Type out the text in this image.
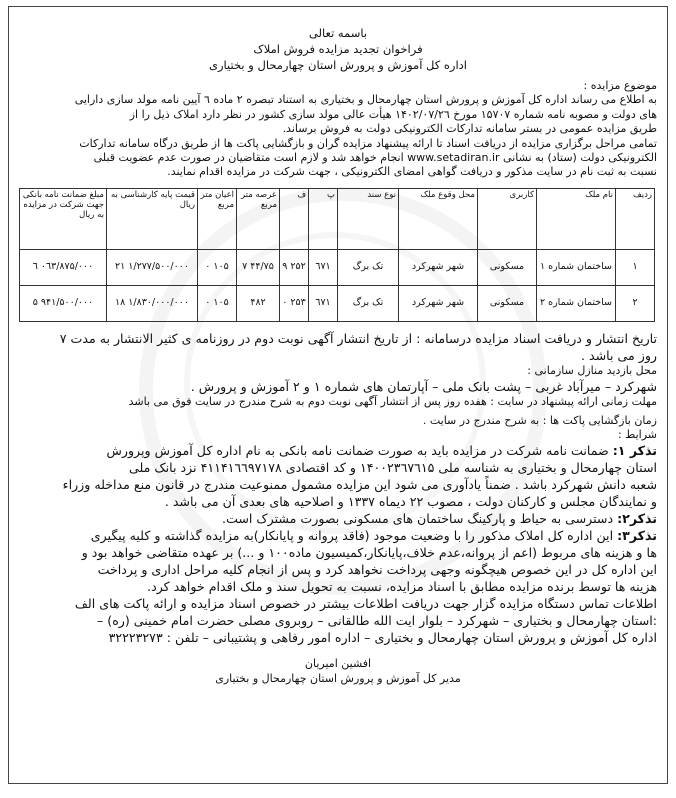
باسمه تعالی
فراخوان تجدید مزایده فروش املاک
اداره کل آموزش و پرورش استان چهارمحال و بختیاری
موضوع مزایده :
به اطلاع می رساند اداره کل آموزش و پرورش استان چهارمحال و بختیاری به استناد تبصره ۲ ماده ٦ آیین نامه مولد سازی دارایی
های دولت و مصوبه نامه شماره ۱۵۷۰۷ مورخ ۱۴۰۲/۰۷/۲٦ هیأت عالی مولد سازی کشور در نظر دارد املاک ذیل را از
طریق مزایده عمومی در بستر سامانه تدارکات الکترونیکی دولت به فروش برساند.
تمامی مراحل برگزاری مزایده از دریافت اسناد تا ارائه پیشنهاد مزایده گران و بازگشایی پاکت ها از طریق درگاه سامانه تدارکات
الکترونیکی دولت (ستاد) به نشانی www.setadiran.ir انجام خواهد شد و لازم است متقاضیان در صورت عدم عضویت قبلی
نسبت به ثبت نام در سایت مذکور و دریافت گواهی امضای الکترونیکی ، جهت شرکت در مزایده اقدام نمایند.
ردیف	نام ملک	کاربری	محل وقوع ملک	نوع سند	پ	ف	عرصه متر مربع	اعیان متر مربع	قیمت پایه کارشناسی به ریال	مبلغ ضمانت نامه بانکی جهت شرکت در مزایده به ریال
۱	ساختمان شماره ۱	مسکونی	شهر شهرکرد	تک برگ	٦٧١	۲۵۲ ۹	۴۴/۷۵ ۷	۱۰۵ ۰	۱/۲۷۷/۵۰۰/۰۰۰ ۲۱	۰٦۳/۸۷۵/۰۰۰ ٦
۲	ساختمان شماره ۲	مسکونی	شهر شهرکرد	تک برگ	٦٧١	۲۵۳ ۰	۴۸۲	۱۰۵ ۰	۱/۸۳۰/۰۰۰/۰۰۰ ۱۸	۹۴۱/۵۰۰/۰۰۰ ۵
تاریخ انتشار و دریافت اسناد مزایده درسامانه : از تاریخ انتشار آگهی نوبت دوم در روزنامه ی کثیر الانتشار به مدت ۷
روز می باشد .
محل بازدید منازل سازمانی :
شهرکرد – میرآباد غربی – پشت بانک ملی – آپارتمان های شماره ۱ و ۲ آموزش و پرورش .
مهلت زمانی ارائه پیشنهاد در سایت : هفده روز پس از انتشار آگهی نوبت دوم به شرح مندرج در سایت فوق می باشد
زمان بازگشایی پاکت ها : به شرح مندرج در سایت .
شرایط :
تذکر ۱: ضمانت نامه شرکت در مزایده باید به صورت ضمانت نامه بانکی به نام اداره کل آموزش وپرورش
استان چهارمحال و بختیاری به شناسه ملی ۱۴۰۰۲۳٦٧٦۱۵ و کد اقتصادی ۴۱۱۴۱٦٦۹٧١٧٨ نزد بانک ملی
شعبه دانش شهرکرد باشد . ضمناً یادآوری می شود این مزایده مشمول ممنوعیت مندرج در قانون منع مداخله وزراء
و نمایندگان مجلس و کارکنان دولت ، مصوب ۲۲ دیماه ۱۳۳۷ و اصلاحیه های بعدی آن می باشد .
تذکر۲: دسترسی به حیاط و پارکینگ ساختمان های مسکونی بصورت مشترک است.
تذکر۳: این اداره کل املاک مذکور را با وضعیت موجود (فاقد پروانه و پایانکار)به مزایده گذاشته و کلیه پیگیری
ها و هزینه های مربوط (اعم از پروانه،عدم خلاف،پایانکار،کمیسیون ماده۱۰۰ و ...) بر عهده متقاضی خواهد بود و
این اداره کل در این خصوص هیچگونه وجهی پرداخت نخواهد کرد و پس از انجام کلیه مراحل اداری و پرداخت
هزینه ها توسط برنده مزایده مطابق با اسناد مزایده، نسبت به تحویل سند و ملک اقدام خواهد کرد.
اطلاعات تماس دستگاه مزایده گزار جهت دریافت اطلاعات بیشتر در خصوص اسناد مزایده و ارائه پاکت های الف
:استان چهارمحال و بختیاری – شهرکرد – بلوار ایت الله طالقانی – روبروی مصلی حضرت امام خمینی (ره) –
اداره کل آموزش و پرورش استان چهارمحال و بختیاری – اداره امور رفاهی و پشتیبانی – تلفن : ۳۲۲۲۳۲٧۳
افشین امیریان
مدیر کل آموزش و پرورش استان چهارمحال و بختیاری
